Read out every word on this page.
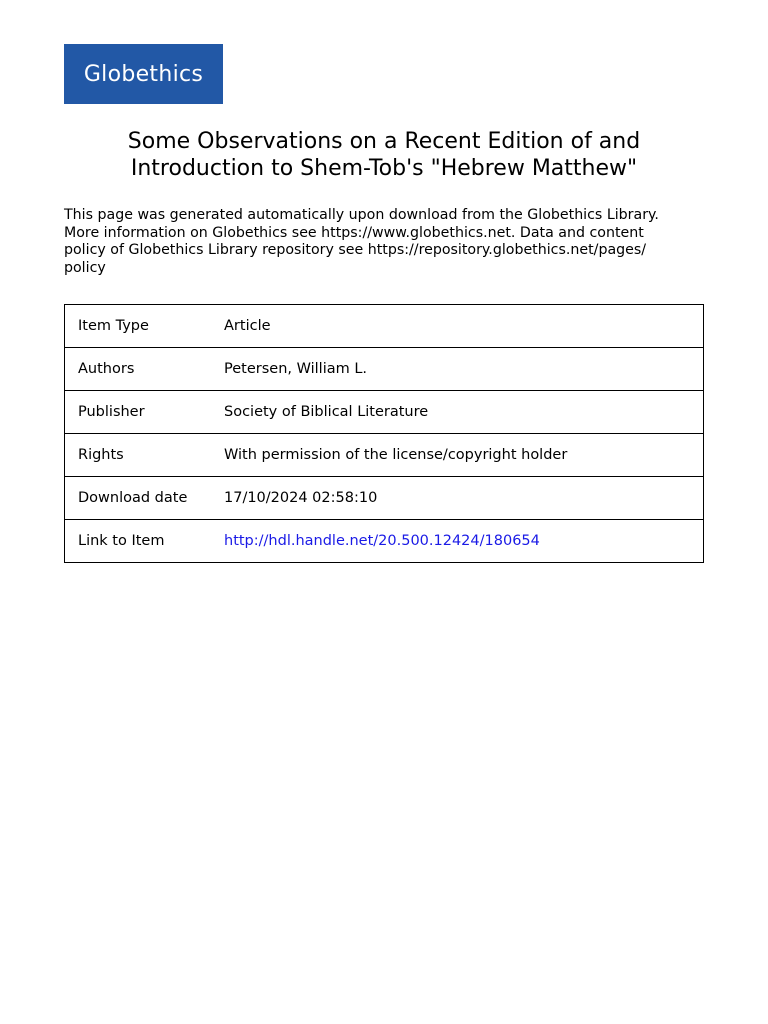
Globethics
Some Observations on a Recent Edition of and
Introduction to Shem-Tob's "Hebrew Matthew"
This page was generated automatically upon download from the Globethics Library.
More information on Globethics see https://www.globethics.net. Data and content
policy of Globethics Library repository see https://repository.globethics.net/pages/
policy
Item Type	Article
Authors	Petersen, William L.
Publisher	Society of Biblical Literature
Rights	With permission of the license/copyright holder
Download date	17/10/2024 02:58:10
Link to Item	http://hdl.handle.net/20.500.12424/180654
